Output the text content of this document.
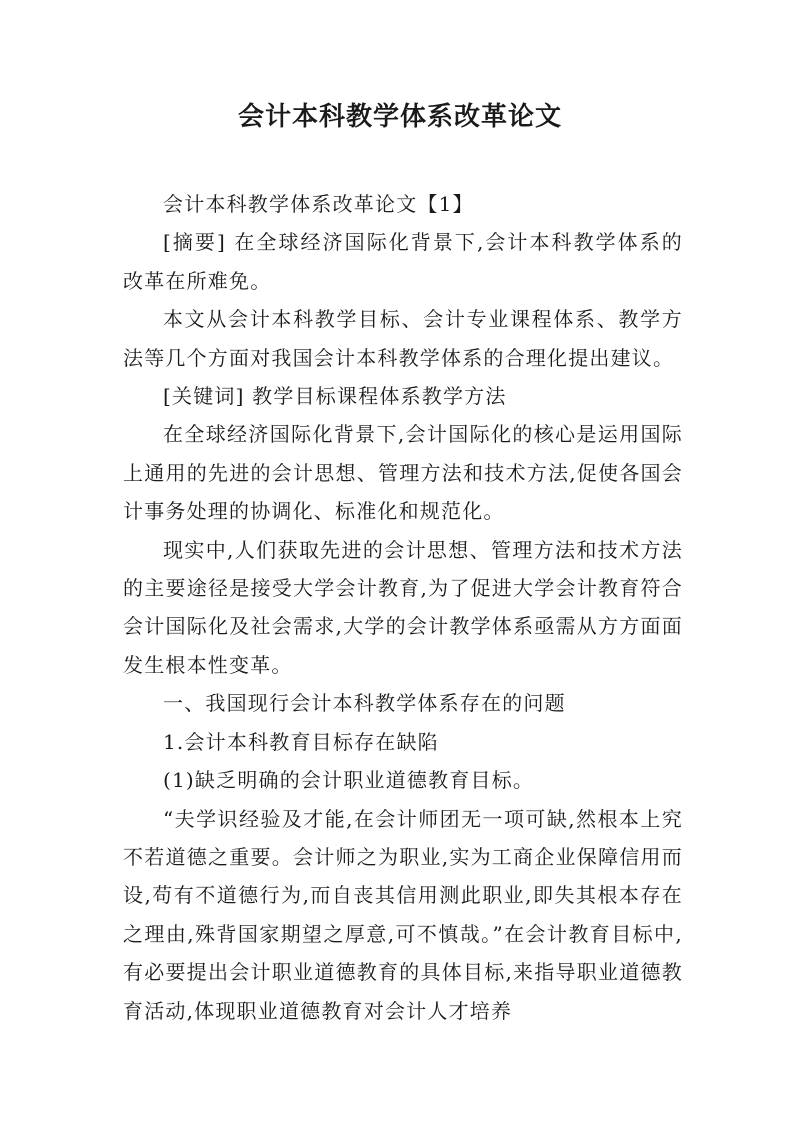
会计本科教学体系改革论文

会计本科教学体系改革论文【1】

[摘要] 在全球经济国际化背景下,会计本科教学体系的改革在所难免。

本文从会计本科教学目标、会计专业课程体系、教学方法等几个方面对我国会计本科教学体系的合理化提出建议。

[关键词] 教学目标课程体系教学方法

在全球经济国际化背景下,会计国际化的核心是运用国际上通用的先进的会计思想、管理方法和技术方法,促使各国会计事务处理的协调化、标准化和规范化。

现实中,人们获取先进的会计思想、管理方法和技术方法的主要途径是接受大学会计教育,为了促进大学会计教育符合会计国际化及社会需求,大学的会计教学体系亟需从方方面面发生根本性变革。

一、我国现行会计本科教学体系存在的问题

1.会计本科教育目标存在缺陷

(1)缺乏明确的会计职业道德教育目标。

“夫学识经验及才能,在会计师团无一项可缺,然根本上究不若道德之重要。会计师之为职业,实为工商企业保障信用而设,苟有不道德行为,而自丧其信用测此职业,即失其根本存在之理由,殊背国家期望之厚意,可不慎哉。”在会计教育目标中,有必要提出会计职业道德教育的具体目标,来指导职业道德教育活动,体现职业道德教育对会计人才培养
